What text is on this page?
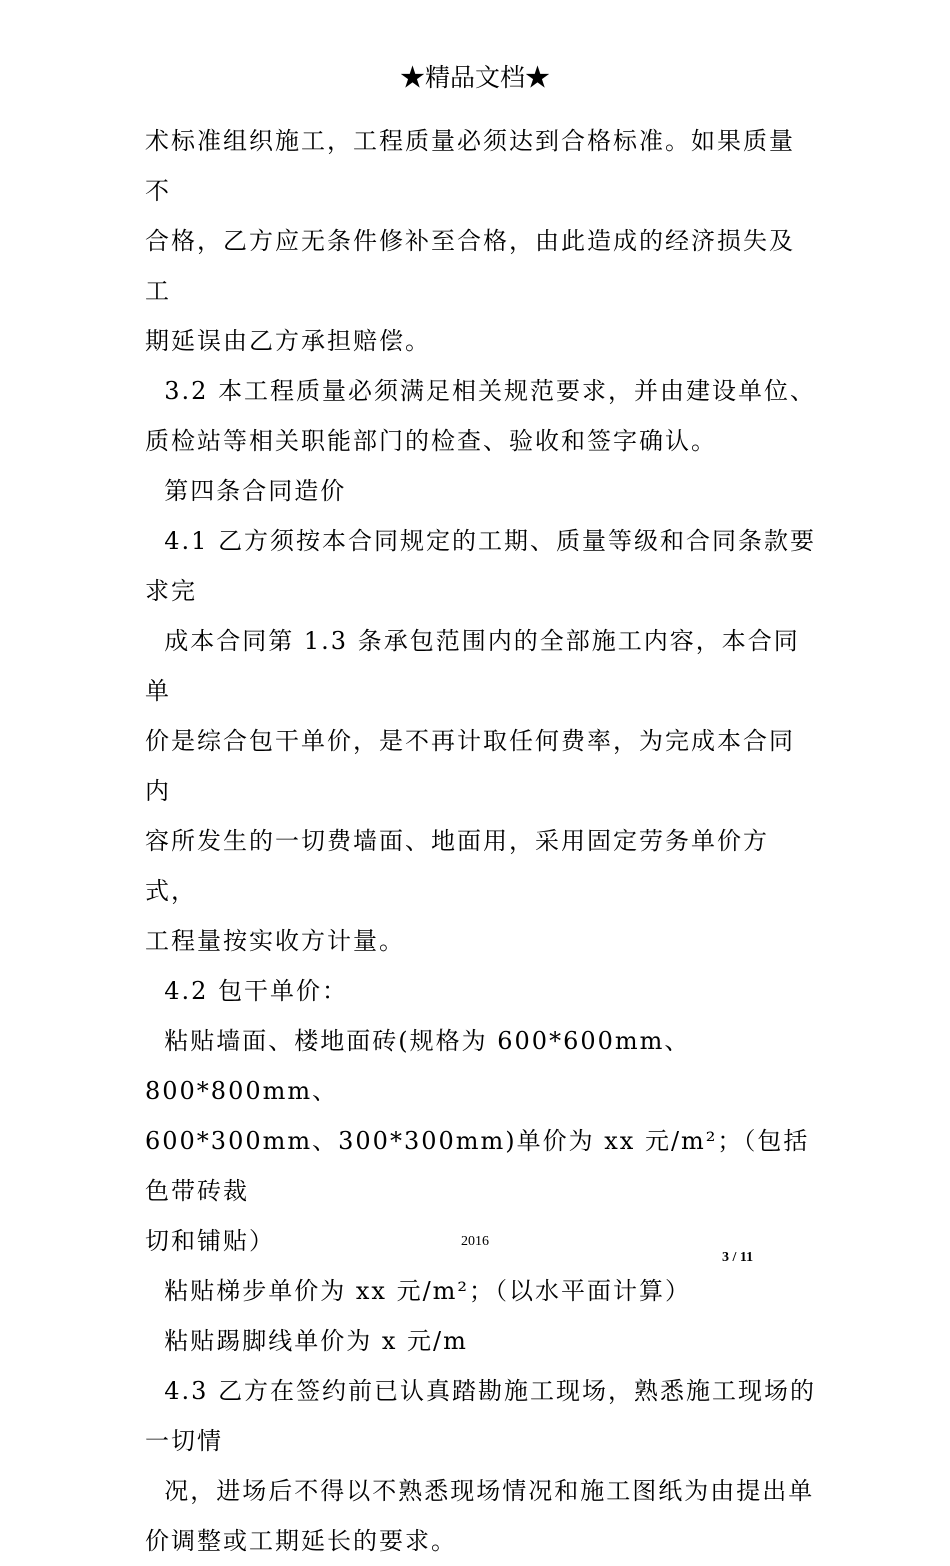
★精品文档★

术标准组织施工，工程质量必须达到合格标准。如果质量不

合格，乙方应无条件修补至合格，由此造成的经济损失及工

期延误由乙方承担赔偿。

3.2 本工程质量必须满足相关规范要求，并由建设单位、

质检站等相关职能部门的检查、验收和签字确认。

第四条合同造价

4.1 乙方须按本合同规定的工期、质量等级和合同条款要

求完

成本合同第 1.3 条承包范围内的全部施工内容，本合同单

价是综合包干单价，是不再计取任何费率，为完成本合同内

容所发生的一切费墙面、地面用，采用固定劳务单价方式，

工程量按实收方计量。

4.2 包干单价：

粘贴墙面、楼地面砖(规格为 600*600mm、800*800mm、

600*300mm、300*300mm)单价为 xx 元/m²；（包括色带砖裁

切和铺贴）

粘贴梯步单价为 xx 元/m²；（以水平面计算）

粘贴踢脚线单价为 x 元/m

4.3 乙方在签约前已认真踏勘施工现场，熟悉施工现场的

一切情

况，进场后不得以不熟悉现场情况和施工图纸为由提出单

价调整或工期延长的要求。

2016
3 / 11
